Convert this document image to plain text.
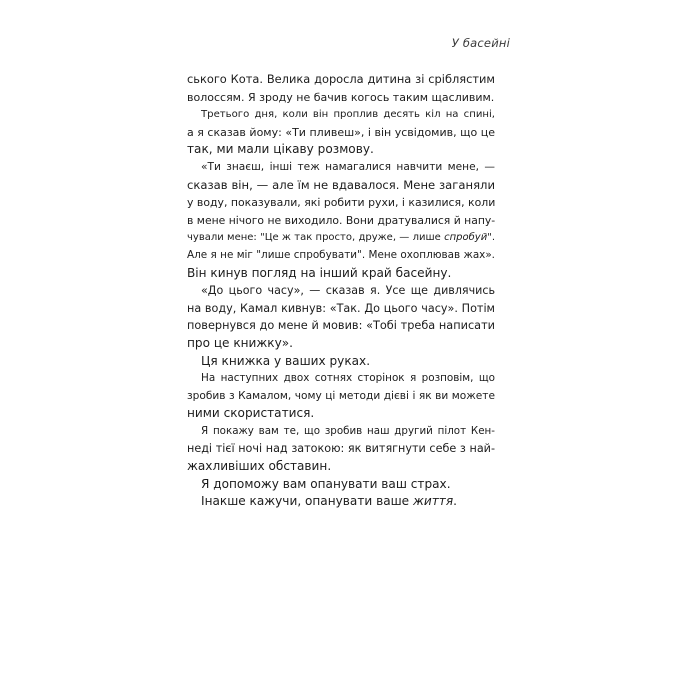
У басейні
ського Кота. Велика доросла дитина зі сріблястим
волоссям. Я зроду не бачив когось таким щасливим.
Третього дня, коли він проплив десять кіл на спині,
а я сказав йому: «Ти пливеш», і він усвідомив, що це
так, ми мали цікаву розмову.
«Ти знаєш, інші теж намагалися навчити мене, —
сказав він, — але їм не вдавалося. Мене заганяли
у воду, показували, які робити рухи, і казилися, коли
в мене нічого не виходило. Вони дратувалися й напу-
чували мене: "Це ж так просто, друже, — лише спробуй".
Але я не міг "лише спробувати". Мене охоплював жах».
Він кинув погляд на інший край басейну.
«До цього часу», — сказав я. Усе ще дивлячись
на воду, Камал кивнув: «Так. До цього часу». Потім
повернувся до мене й мовив: «Тобі треба написати
про це книжку».
Ця книжка у ваших руках.
На наступних двох сотнях сторінок я розповім, що
зробив з Камалом, чому ці методи дієві і як ви можете
ними скористатися.
Я покажу вам те, що зробив наш другий пілот Кен-
неді тієї ночі над затокою: як витягнути себе з най-
жахливіших обставин.
Я допоможу вам опанувати ваш страх.
Інакше кажучи, опанувати ваше життя.
